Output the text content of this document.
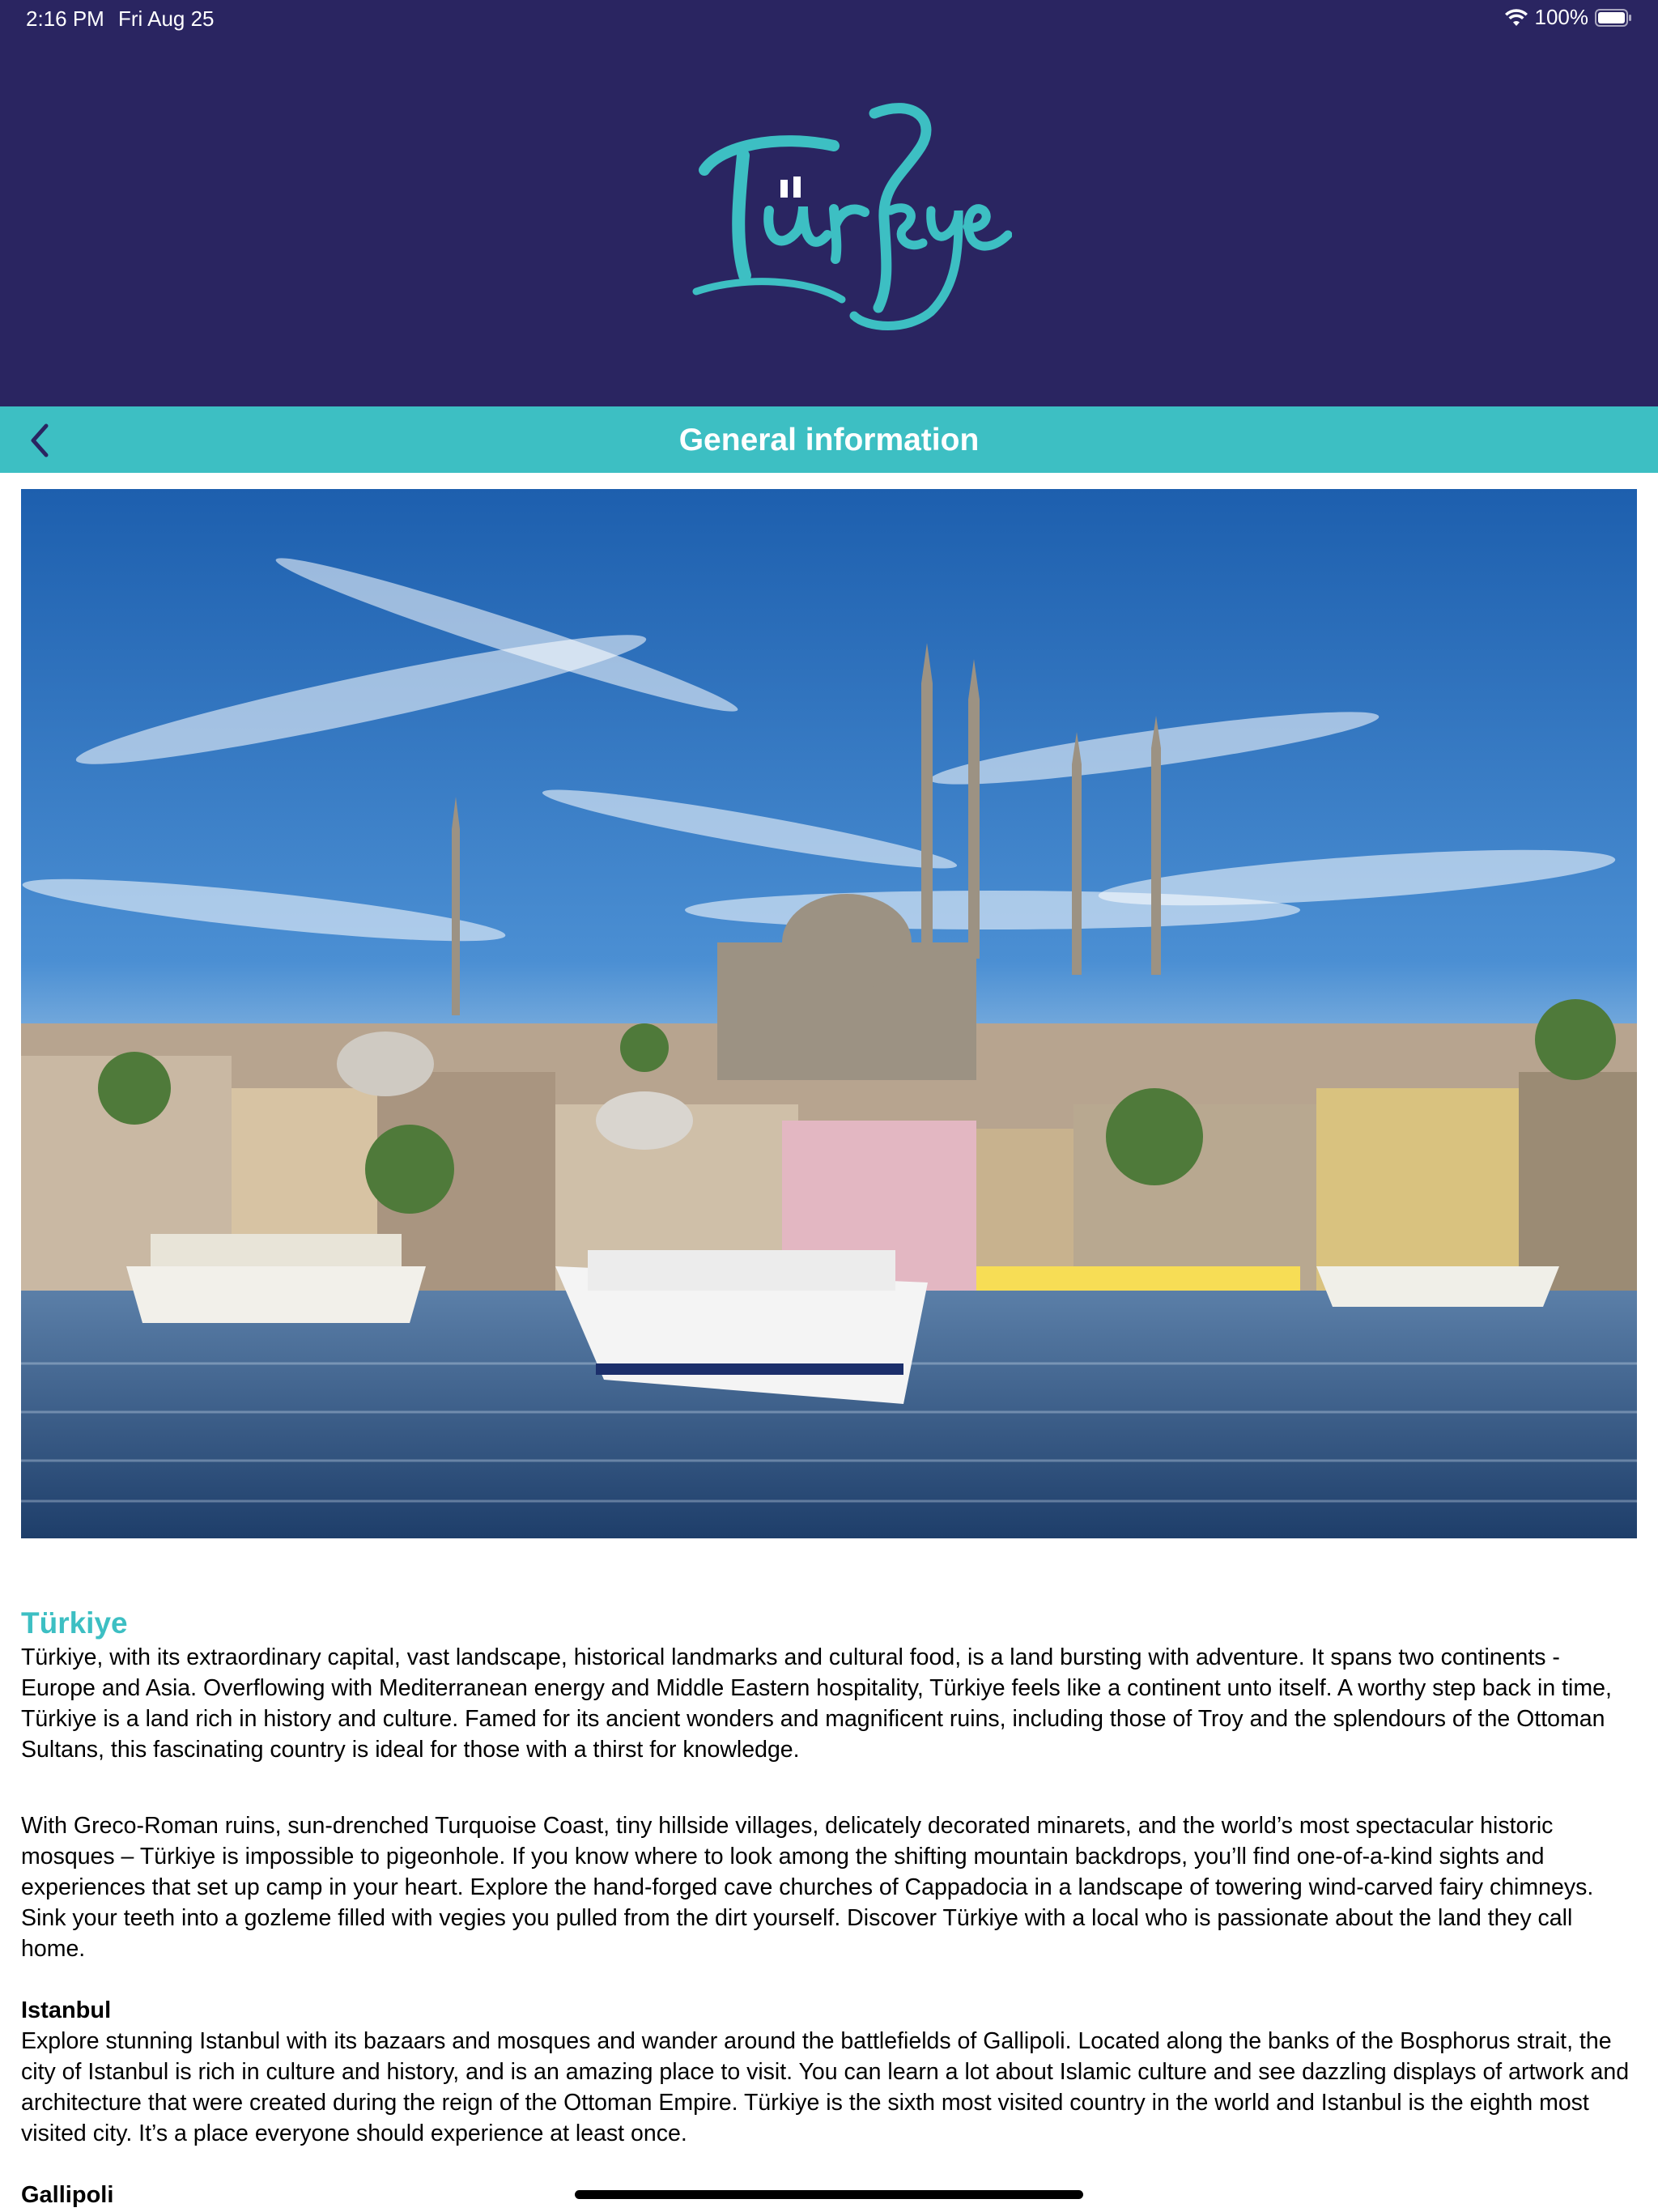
2:16 PM Fri Aug 25	100%
General information
Türkiye

Türkiye, with its extraordinary capital, vast landscape, historical landmarks and cultural food, is a land bursting with adventure. It spans two continents - Europe and Asia. Overflowing with Mediterranean energy and Middle Eastern hospitality, Türkiye feels like a continent unto itself. A worthy step back in time, Türkiye is a land rich in history and culture. Famed for its ancient wonders and magnificent ruins, including those of Troy and the splendours of the Ottoman Sultans, this fascinating country is ideal for those with a thirst for knowledge.

With Greco-Roman ruins, sun-drenched Turquoise Coast, tiny hillside villages, delicately decorated minarets, and the world’s most spectacular historic mosques – Türkiye is impossible to pigeonhole. If you know where to look among the shifting mountain backdrops, you’ll find one-of-a-kind sights and experiences that set up camp in your heart. Explore the hand-forged cave churches of Cappadocia in a landscape of towering wind-carved fairy chimneys. Sink your teeth into a gozleme filled with vegies you pulled from the dirt yourself. Discover Türkiye with a local who is passionate about the land they call home.

Istanbul

Explore stunning Istanbul with its bazaars and mosques and wander around the battlefields of Gallipoli. Located along the banks of the Bosphorus strait, the city of Istanbul is rich in culture and history, and is an amazing place to visit. You can learn a lot about Islamic culture and see dazzling displays of artwork and architecture that were created during the reign of the Ottoman Empire. Türkiye is the sixth most visited country in the world and Istanbul is the eighth most visited city. It’s a place everyone should experience at least once.

Gallipoli
